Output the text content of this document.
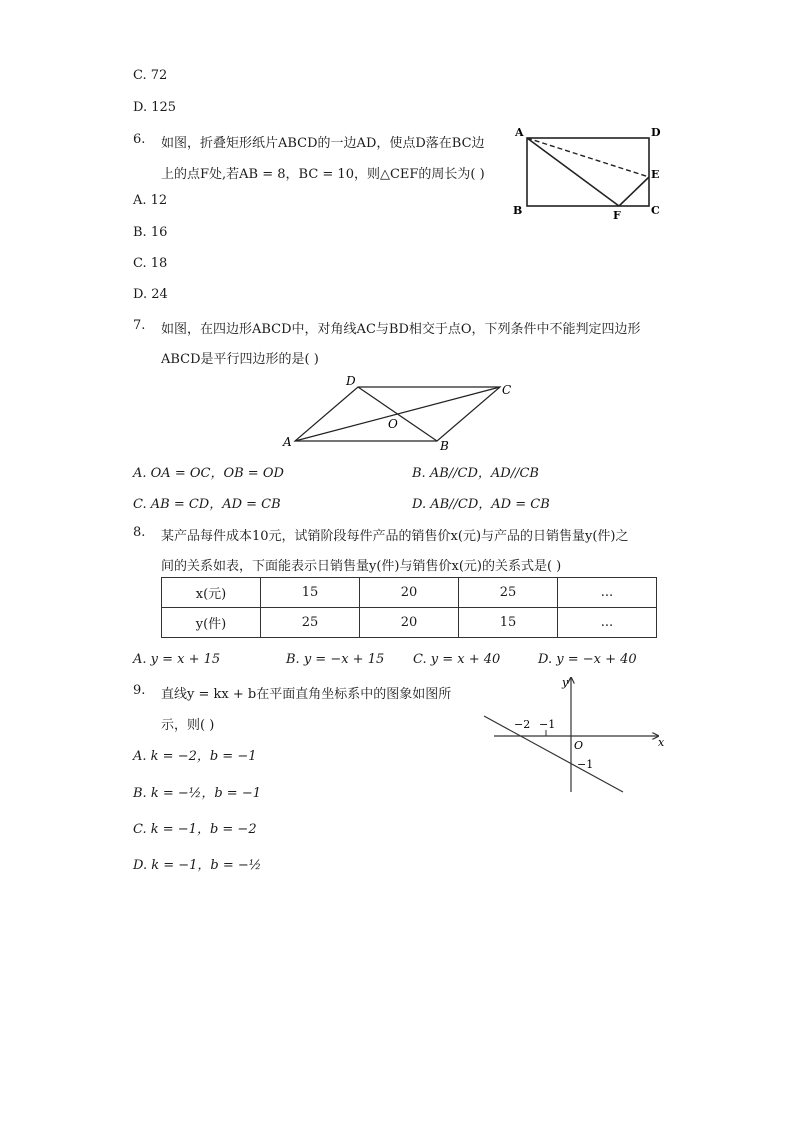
C. 72
D. 125
6. 如图，折叠矩形纸片ABCD的一边AD，使点D落在BC边
上的点F处,若AB = 8，BC = 10，则△CEF的周长为( )
A. 12
B. 16
C. 18
D. 24
A	D
E
B	F	C
7. 如图，在四边形ABCD中，对角线AC与BD相交于点O，下列条件中不能判定四边形
ABCD是平行四边形的是( )
D
C
A	B
O
A. OA = OC，OB = OD	B. AB//CD，AD//CB
C. AB = CD，AD = CB	D. AB//CD，AD = CB
8. 某产品每件成本10元，试销阶段每件产品的销售价x(元)与产品的日销售量y(件)之
间的关系如表，下面能表示日销售量y(件)与销售价x(元)的关系式是( )
x(元)	15	20	25	...
y(件)	25	20	15	...
A. y = x + 15	B. y = −x + 15 C. y = x + 40	D. y = −x + 40
9. 直线y = kx + b在平面直角坐标系中的图象如图所
示，则( )
A. k = −2，b = −1
B. k = −½，b = −1
C. k = −1，b = −2
D. k = −1，b = −½
x
y
O
−2 −1
−1
